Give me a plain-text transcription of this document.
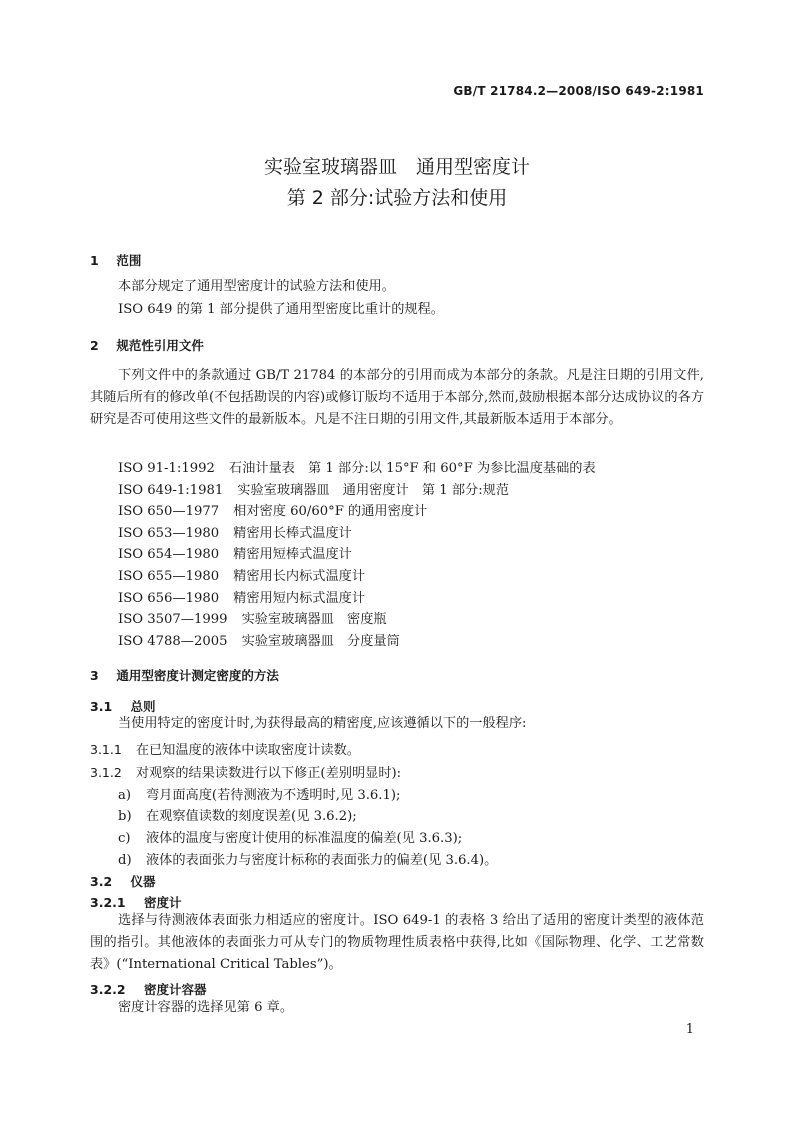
GB/T 21784.2—2008/ISO 649-2:1981
实验室玻璃器皿　通用型密度计
第 2 部分:试验方法和使用
1 范围
本部分规定了通用型密度计的试验方法和使用。
ISO 649 的第 1 部分提供了通用型密度比重计的规程。
2 规范性引用文件
下列文件中的条款通过 GB/T 21784 的本部分的引用而成为本部分的条款。凡是注日期的引用文件,其随后所有的修改单(不包括勘误的内容)或修订版均不适用于本部分,然而,鼓励根据本部分达成协议的各方研究是否可使用这些文件的最新版本。凡是不注日期的引用文件,其最新版本适用于本部分。
ISO 91-1:1992 石油计量表　第 1 部分:以 15°F 和 60°F 为参比温度基础的表
ISO 649-1:1981 实验室玻璃器皿　通用密度计　第 1 部分:规范
ISO 650—1977 相对密度 60/60°F 的通用密度计
ISO 653—1980 精密用长棒式温度计
ISO 654—1980 精密用短棒式温度计
ISO 655—1980 精密用长内标式温度计
ISO 656—1980 精密用短内标式温度计
ISO 3507—1999 实验室玻璃器皿　密度瓶
ISO 4788—2005 实验室玻璃器皿　分度量筒
3 通用型密度计测定密度的方法
3.1 总则
当使用特定的密度计时,为获得最高的精密度,应该遵循以下的一般程序:
3.1.1 在已知温度的液体中读取密度计读数。
3.1.2 对观察的结果读数进行以下修正(差别明显时):
a) 弯月面高度(若待测液为不透明时,见 3.6.1);
b) 在观察值读数的刻度误差(见 3.6.2);
c) 液体的温度与密度计使用的标准温度的偏差(见 3.6.3);
d) 液体的表面张力与密度计标称的表面张力的偏差(见 3.6.4)。
3.2 仪器
3.2.1 密度计
选择与待测液体表面张力相适应的密度计。ISO 649-1 的表格 3 给出了适用的密度计类型的液体范围的指引。其他液体的表面张力可从专门的物质物理性质表格中获得,比如《国际物理、化学、工艺常数表》(“International Critical Tables”)。
3.2.2 密度计容器
密度计容器的选择见第 6 章。
1
